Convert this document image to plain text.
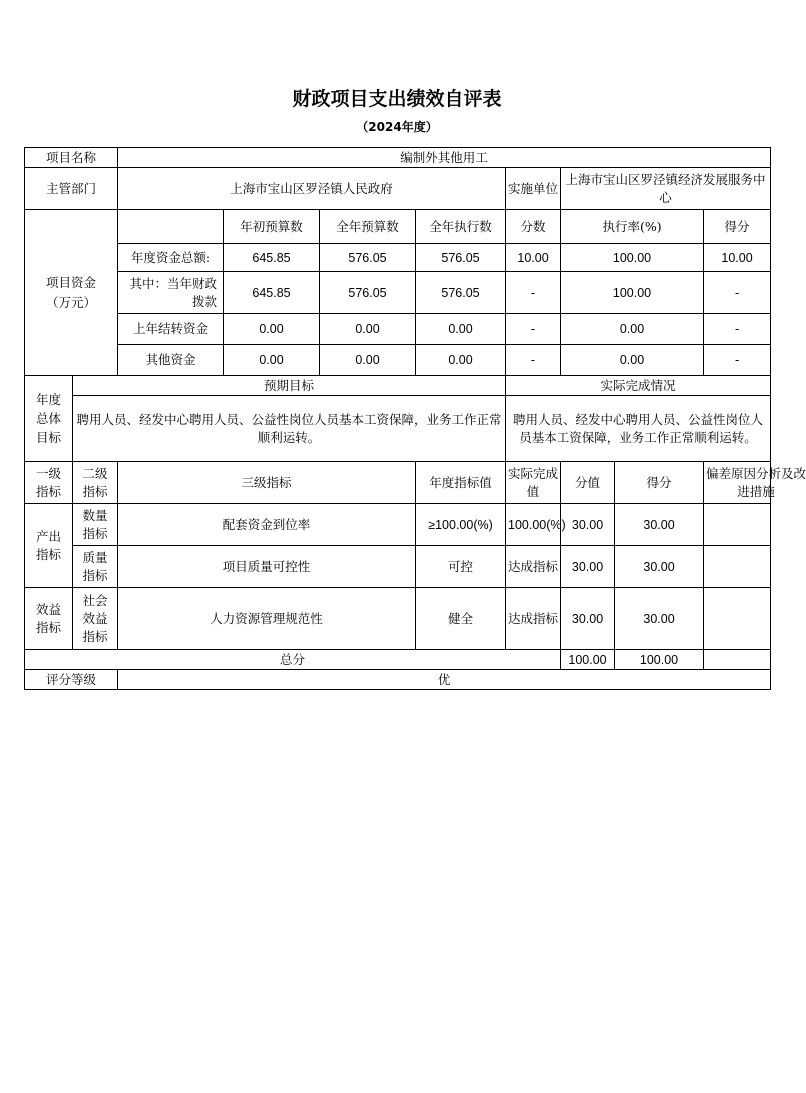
财政项目支出绩效自评表
（2024年度）
项目名称		编制外其他用工							
主管部门		上海市宝山区罗泾镇人民政府				实施单位	上海市宝山区罗泾镇经济发展服务中心		
项目资金（万元）			年初预算数	全年预算数	全年执行数	分数	执行率(%)		得分
		年度资金总额:	645.85	576.05	576.05	10.00	100.00		10.00
		其中：当年财政拨款	645.85	576.05	576.05	-	100.00		-
		上年结转资金	0.00	0.00	0.00	-	0.00		-
		其他资金	0.00	0.00	0.00	-	0.00		-
年度总体目标	预期目标					实际完成情况			
	聘用人员、经发中心聘用人员、公益性岗位人员基本工资保障，业务工作正常顺利运转。					聘用人员、经发中心聘用人员、公益性岗位人员基本工资保障，业务工作正常顺利运转。			
一级指标	二级指标	三级指标			年度指标值	实际完成值	分值	得分	偏差原因分析及改进措施
产出指标	数量指标	配套资金到位率			≥100.00(%)	100.00(%)	30.00	30.00	
	质量指标	项目质量可控性			可控	达成指标	30.00	30.00	
效益指标	社会效益指标	人力资源管理规范性			健全	达成指标	30.00	30.00	
总分							100.00	100.00	
评分等级		优							
